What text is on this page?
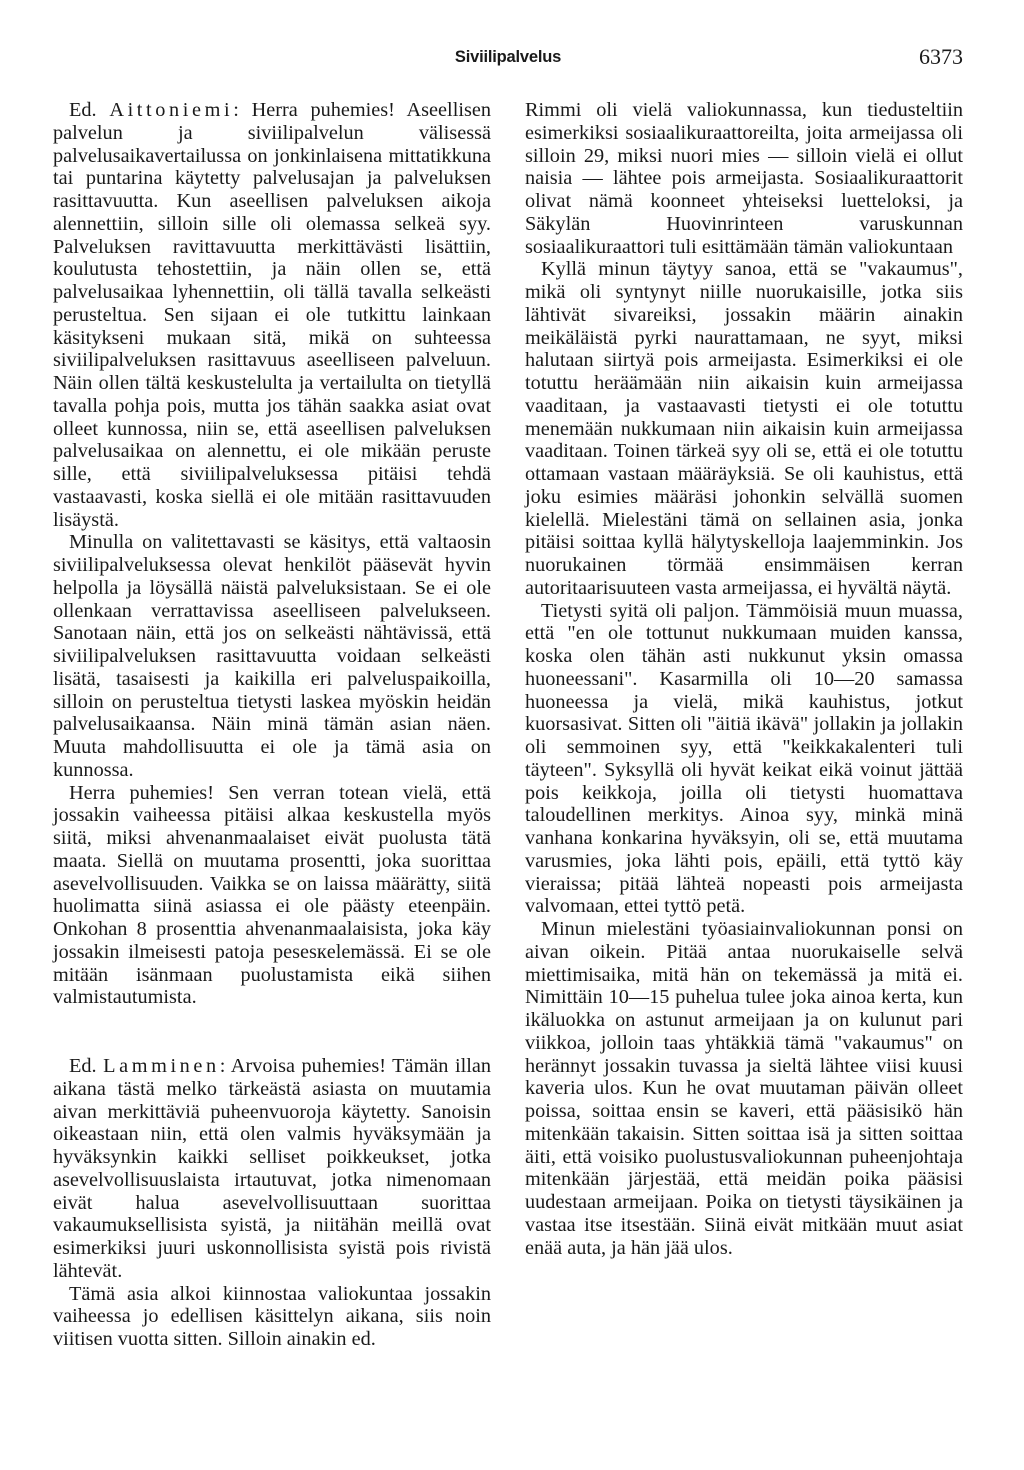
Siviilipalvelus	6373

Ed. Aittoniemi: Herra puhemies! Aseellisen palvelun ja siviilipalvelun välisessä palvelusaikavertailussa on jonkinlaisena mittatikkuna tai puntarina käytetty palvelusajan ja palveluksen rasittavuutta. Kun aseellisen palveluksen aikoja alennettiin, silloin sille oli olemassa selkeä syy. Palveluksen ravittavuutta merkittävästi lisättiin, koulutusta tehostettiin, ja näin ollen se, että palvelusaikaa lyhennettiin, oli tällä tavalla selkeästi perusteltua. Sen sijaan ei ole tutkittu lainkaan käsitykseni mukaan sitä, mikä on suhteessa siviilipalveluksen rasittavuus aseelliseen palveluun. Näin ollen tältä keskustelulta ja vertailulta on tietyllä tavalla pohja pois, mutta jos tähän saakka asiat ovat olleet kunnossa, niin se, että aseellisen palveluksen palvelusaikaa on alennettu, ei ole mikään peruste sille, että siviilipalveluksessa pitäisi tehdä vastaavasti, koska siellä ei ole mitään rasittavuuden lisäystä.

Minulla on valitettavasti se käsitys, että valtaosin siviilipalveluksessa olevat henkilöt pääsevät hyvin helpolla ja löysällä näistä palveluksistaan. Se ei ole ollenkaan verrattavissa aseelliseen palvelukseen. Sanotaan näin, että jos on selkeästi nähtävissä, että siviilipalveluksen rasittavuutta voidaan selkeästi lisätä, tasaisesti ja kaikilla eri palveluspaikoilla, silloin on perusteltua tietysti laskea myöskin heidän palvelusaikaansa. Näin minä tämän asian näen. Muuta mahdollisuutta ei ole ja tämä asia on kunnossa.

Herra puhemies! Sen verran totean vielä, että jossakin vaiheessa pitäisi alkaa keskustella myös siitä, miksi ahvenanmaalaiset eivät puolusta tätä maata. Siellä on muutama prosentti, joka suorittaa asevelvollisuuden. Vaikka se on laissa määrätty, siitä huolimatta siinä asiassa ei ole päästy eteenpäin. Onkohan 8 prosenttia ahvenanmaalaisista, joka käy jossakin ilmeisesti patoja pesesкelemässä. Ei se ole mitään isänmaan puolustamista eikä siihen valmistautumista.

Ed. Lamminen: Arvoisa puhemies! Tämän illan aikana tästä melko tärkeästä asiasta on muutamia aivan merkittäviä puheenvuoroja käytetty. Sanoisin oikeastaan niin, että olen valmis hyväksymään ja hyväksynkin kaikki selliset poikkeukset, jotka asevelvollisuuslaista irtautuvat, jotka nimenomaan eivät halua asevelvollisuuttaan suorittaa vakaumuksellisista syistä, ja niitähän meillä ovat esimerkiksi juuri uskonnollisista syistä pois rivistä lähtevät.

Tämä asia alkoi kiinnostaa valiokuntaa jossakin vaiheessa jo edellisen käsittelyn aikana, siis noin viitisen vuotta sitten. Silloin ainakin ed.

Rimmi oli vielä valiokunnassa, kun tiedusteltiin esimerkiksi sosiaalikuraattoreilta, joita armeijassa oli silloin 29, miksi nuori mies — silloin vielä ei ollut naisia — lähtee pois armeijasta. Sosiaalikuraattorit olivat nämä koonneet yhteiseksi luetteloksi, ja Säkylän Huovinrinteen varuskunnan sosiaalikuraattori tuli esittämään tämän valiokuntaan

Kyllä minun täytyy sanoa, että se "vakaumus", mikä oli syntynyt niille nuorukaisille, jotka siis lähtivät sivareiksi, jossakin määrin ainakin meikäläistä pyrki naurattamaan, ne syyt, miksi halutaan siirtyä pois armeijasta. Esimerkiksi ei ole totuttu heräämään niin aikaisin kuin armeijassa vaaditaan, ja vastaavasti tietysti ei ole totuttu menemään nukkumaan niin aikaisin kuin armeijassa vaaditaan. Toinen tärkeä syy oli se, että ei ole totuttu ottamaan vastaan määräyksiä. Se oli kauhistus, että joku esimies määräsi johonkin selvällä suomen kielellä. Mielestäni tämä on sellainen asia, jonka pitäisi soittaa kyllä hälytyskelloja laajemminkin. Jos nuorukainen törmää ensimmäisen kerran autoritaarisuuteen vasta armeijassa, ei hyvältä näytä.

Tietysti syitä oli paljon. Tämmöisiä muun muassa, että "en ole tottunut nukkumaan muiden kanssa, koska olen tähän asti nukkunut yksin omassa huoneessani". Kasarmilla oli 10—20 samassa huoneessa ja vielä, mikä kauhistus, jotkut kuorsasivat. Sitten oli "äitiä ikävä" jollakin ja jollakin oli semmoinen syy, että "keikkakalenteri tuli täyteen". Syksyllä oli hyvät keikat eikä voinut jättää pois keikkoja, joilla oli tietysti huomattava taloudellinen merkitys. Ainoa syy, minkä minä vanhana konkarina hyväksyin, oli se, että muutama varusmies, joka lähti pois, epäili, että tyttö käy vieraissa; pitää lähteä nopeasti pois armeijasta valvomaan, ettei tyttö petä.

Minun mielestäni työasiainvaliokunnan ponsi on aivan oikein. Pitää antaa nuorukaiselle selvä miettimisaika, mitä hän on tekemässä ja mitä ei. Nimittäin 10—15 puhelua tulee joka ainoa kerta, kun ikäluokka on astunut armeijaan ja on kulunut pari viikkoa, jolloin taas yhtäkkiä tämä "vakaumus" on herännyt jossakin tuvassa ja sieltä lähtee viisi kuusi kaveria ulos. Kun he ovat muutaman päivän olleet poissa, soittaa ensin se kaveri, että pääsisikö hän mitenkään takaisin. Sitten soittaa isä ja sitten soittaa äiti, että voisiko puolustusvaliokunnan puheenjohtaja mitenkään järjestää, että meidän poika pääsisi uudestaan armeijaan. Poika on tietysti täysikäinen ja vastaa itse itsestään. Siinä eivät mitkään muut asiat enää auta, ja hän jää ulos.
